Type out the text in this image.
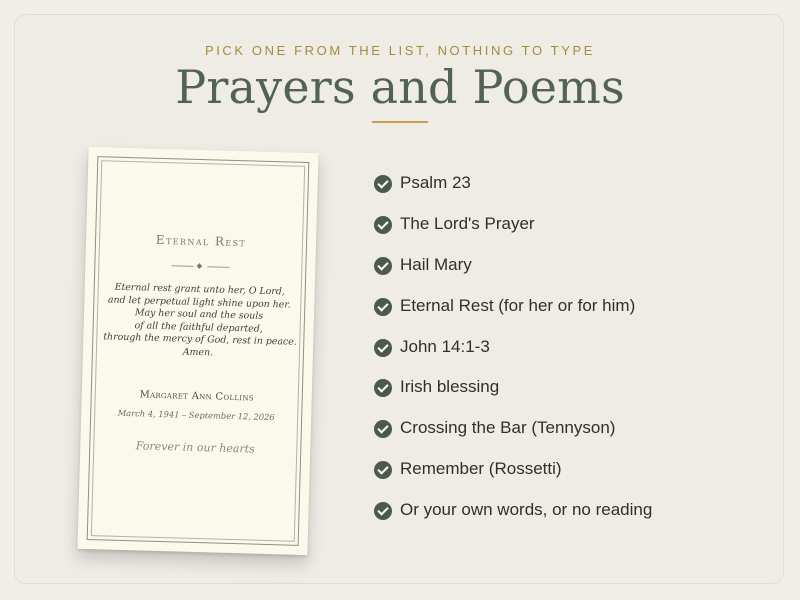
PICK ONE FROM THE LIST, NOTHING TO TYPE
Prayers and Poems
Eternal Rest
Eternal rest grant unto her, O Lord,
and let perpetual light shine upon her.
May her soul and the souls
of all the faithful departed,
through the mercy of God, rest in peace.
Amen.
Margaret Ann Collins
March 4, 1941 – September 12, 2026
Forever in our hearts
Psalm 23
The Lord's Prayer
Hail Mary
Eternal Rest (for her or for him)
John 14:1-3
Irish blessing
Crossing the Bar (Tennyson)
Remember (Rossetti)
Or your own words, or no reading
